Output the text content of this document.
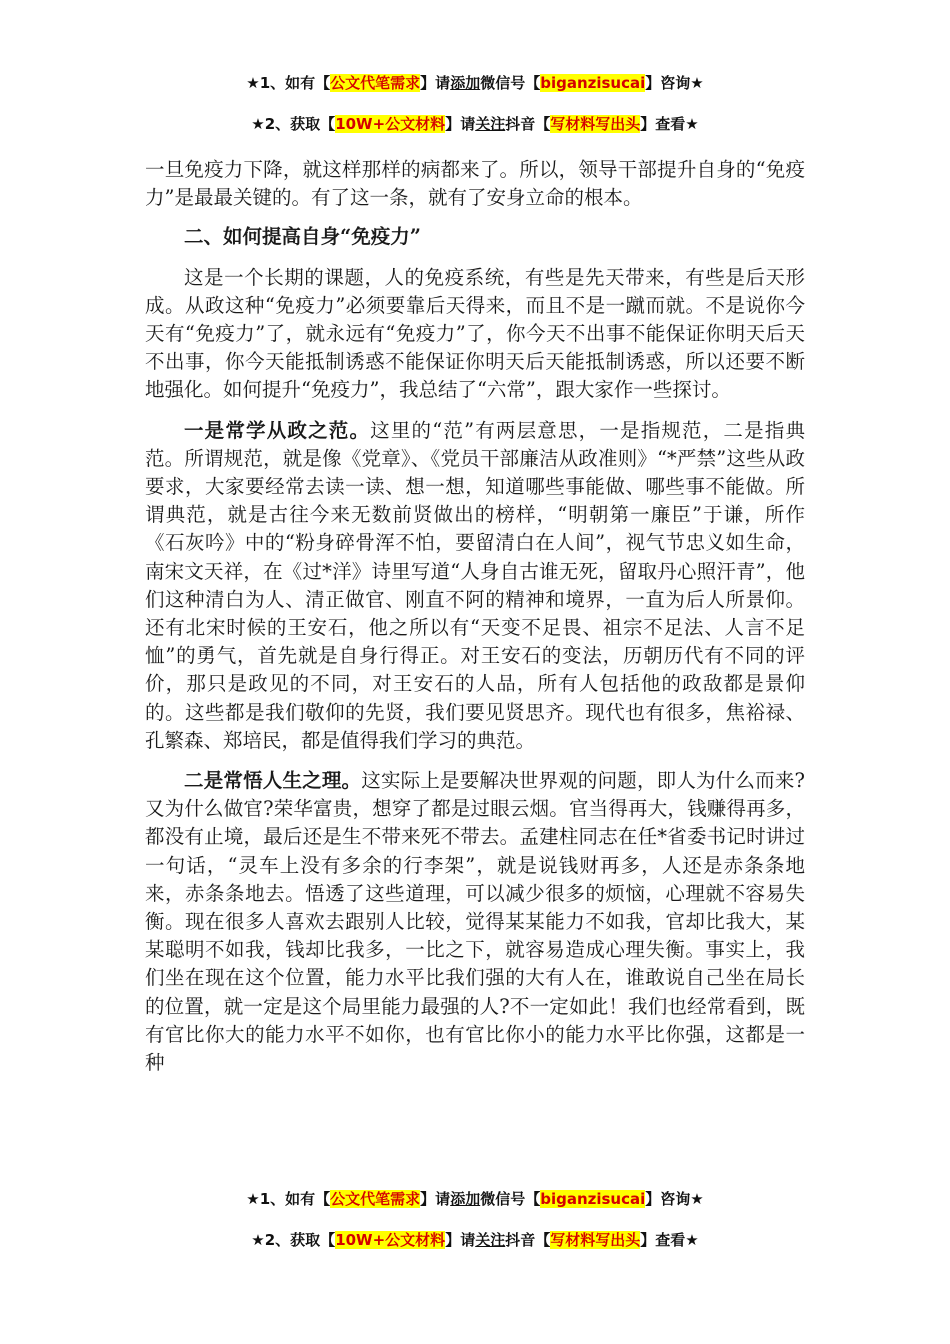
★1、如有【公文代笔需求】请添加微信号【biganzisucai】咨询★
★2、获取【10W+公文材料】请关注抖音【写材料写出头】查看★

一旦免疫力下降，就这样那样的病都来了。所以，领导干部提升自身的“免疫力”是最最关键的。有了这一条，就有了安身立命的根本。

二、如何提高自身“免疫力”

这是一个长期的课题，人的免疫系统，有些是先天带来，有些是后天形成。从政这种“免疫力”必须要靠后天得来，而且不是一蹴而就。不是说你今天有“免疫力”了，就永远有“免疫力”了，你今天不出事不能保证你明天后天不出事，你今天能抵制诱惑不能保证你明天后天能抵制诱惑，所以还要不断地强化。如何提升“免疫力”，我总结了“六常”，跟大家作一些探讨。

一是常学从政之范。这里的“范”有两层意思，一是指规范，二是指典范。所谓规范，就是像《党章》、《党员干部廉洁从政准则》“*严禁”这些从政要求，大家要经常去读一读、想一想，知道哪些事能做、哪些事不能做。所谓典范，就是古往今来无数前贤做出的榜样，“明朝第一廉臣”于谦，所作《石灰吟》中的“粉身碎骨浑不怕，要留清白在人间”，视气节忠义如生命，南宋文天祥，在《过*洋》诗里写道“人身自古谁无死，留取丹心照汗青”，他们这种清白为人、清正做官、刚直不阿的精神和境界，一直为后人所景仰。还有北宋时候的王安石，他之所以有“天变不足畏、祖宗不足法、人言不足恤”的勇气，首先就是自身行得正。对王安石的变法，历朝历代有不同的评价，那只是政见的不同，对王安石的人品，所有人包括他的政敌都是景仰的。这些都是我们敬仰的先贤，我们要见贤思齐。现代也有很多，焦裕禄、孔繁森、郑培民，都是值得我们学习的典范。

二是常悟人生之理。这实际上是要解决世界观的问题，即人为什么而来?又为什么做官?荣华富贵，想穿了都是过眼云烟。官当得再大，钱赚得再多，都没有止境，最后还是生不带来死不带去。孟建柱同志在任*省委书记时讲过一句话，“灵车上没有多余的行李架”，就是说钱财再多，人还是赤条条地来，赤条条地去。悟透了这些道理，可以减少很多的烦恼，心理就不容易失衡。现在很多人喜欢去跟别人比较，觉得某某能力不如我，官却比我大，某某聪明不如我，钱却比我多，一比之下，就容易造成心理失衡。事实上，我们坐在现在这个位置，能力水平比我们强的大有人在，谁敢说自己坐在局长的位置，就一定是这个局里能力最强的人?不一定如此！我们也经常看到，既有官比你大的能力水平不如你，也有官比你小的能力水平比你强，这都是一种

★1、如有【公文代笔需求】请添加微信号【biganzisucai】咨询★
★2、获取【10W+公文材料】请关注抖音【写材料写出头】查看★
